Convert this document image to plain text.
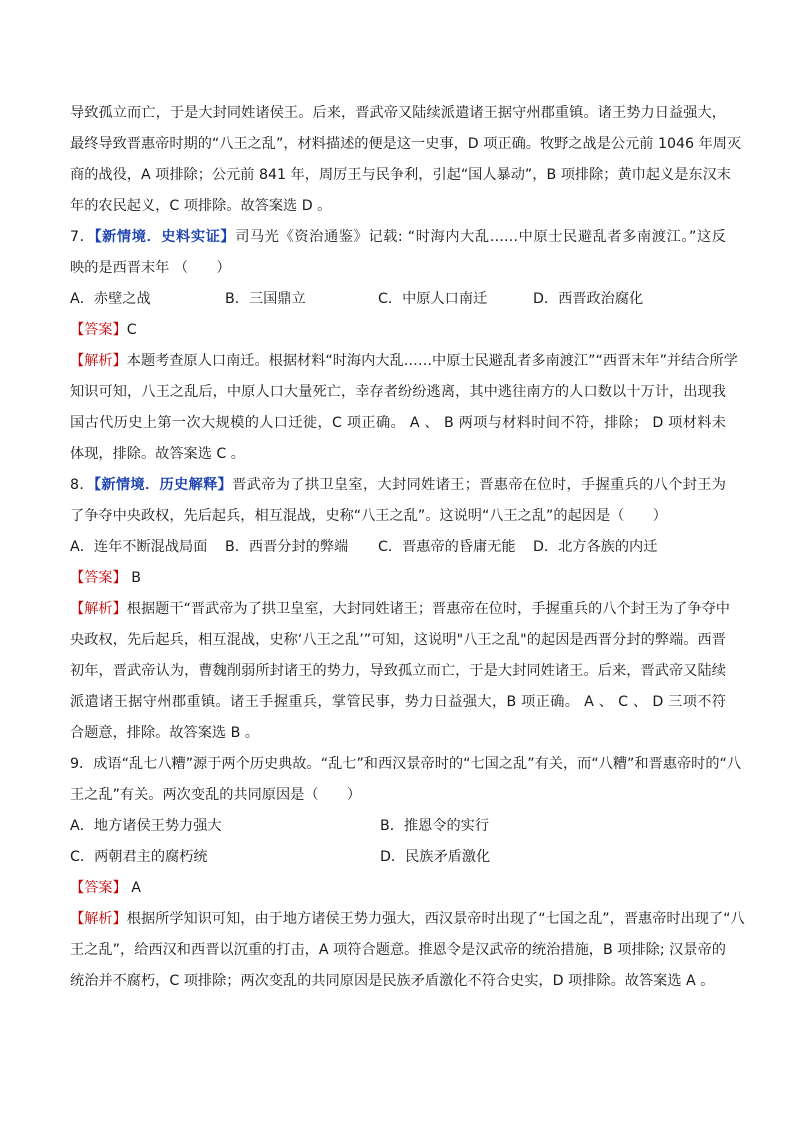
导致孤立而亡，于是大封同姓诸侯王。后来，晋武帝又陆续派遣诸王据守州郡重镇。诸王势力日益强大，

最终导致晋惠帝时期的“八王之乱”，材料描述的便是这一史事，D 项正确。牧野之战是公元前 1046 年周灭

商的战役，A 项排除；公元前 841 年，周厉王与民争利，引起“国人暴动”，B 项排除；黄巾起义是东汉末

年的农民起义，C 项排除。故答案选 D 。

7．【新情境．史料实证】司马光《资治通鉴》记载: “时海内大乱……中原士民避乱者多南渡江。”这反

映的是西晋末年 （　　）

A．赤壁之战	B．三国鼎立	C．中原人口南迁	D．西晋政治腐化

【答案】C

【解析】本题考查原人口南迁。根据材料“时海内大乱……中原士民避乱者多南渡江”“西晋末年”并结合所学

知识可知，八王之乱后，中原人口大量死亡，幸存者纷纷逃离，其中逃往南方的人口数以十万计，出现我

国古代历史上第一次大规模的人口迁徙，C 项正确。 A 、 B 两项与材料时间不符，排除； D 项材料未

体现，排除。故答案选 C 。

8．【新情境．历史解释】晋武帝为了拱卫皇室，大封同姓诸王；晋惠帝在位时，手握重兵的八个封王为

了争夺中央政权，先后起兵，相互混战，史称“八王之乱”。这说明“八王之乱”的起因是（　　）

A．连年不断混战局面	B．西晋分封的弊端	C．晋惠帝的昏庸无能	D．北方各族的内迁

【答案】 B

【解析】根据题干“晋武帝为了拱卫皇室，大封同姓诸王；晋惠帝在位时，手握重兵的八个封王为了争夺中

央政权，先后起兵，相互混战，史称‘八王之乱’”可知，这说明"八王之乱"的起因是西晋分封的弊端。西晋

初年，晋武帝认为，曹魏削弱所封诸王的势力，导致孤立而亡，于是大封同姓诸王。后来，晋武帝又陆续

派遣诸王据守州郡重镇。诸王手握重兵，掌管民事，势力日益强大，B 项正确。 A 、 C 、 D 三项不符

合题意，排除。故答案选 B 。

9．成语“乱七八糟”源于两个历史典故。“乱七”和西汉景帝时的“七国之乱”有关，而“八糟”和晋惠帝时的“八

王之乱”有关。两次变乱的共同原因是（　　）

A．地方诸侯王势力强大	B．推恩令的实行
C．两朝君主的腐朽统	D．民族矛盾激化

【答案】 A

【解析】根据所学知识可知，由于地方诸侯王势力强大，西汉景帝时出现了“七国之乱”，晋惠帝时出现了“八

王之乱”，给西汉和西晋以沉重的打击，A 项符合题意。推恩令是汉武帝的统治措施，B 项排除; 汉景帝的

统治并不腐朽，C 项排除；两次变乱的共同原因是民族矛盾激化不符合史实，D 项排除。故答案选 A 。
